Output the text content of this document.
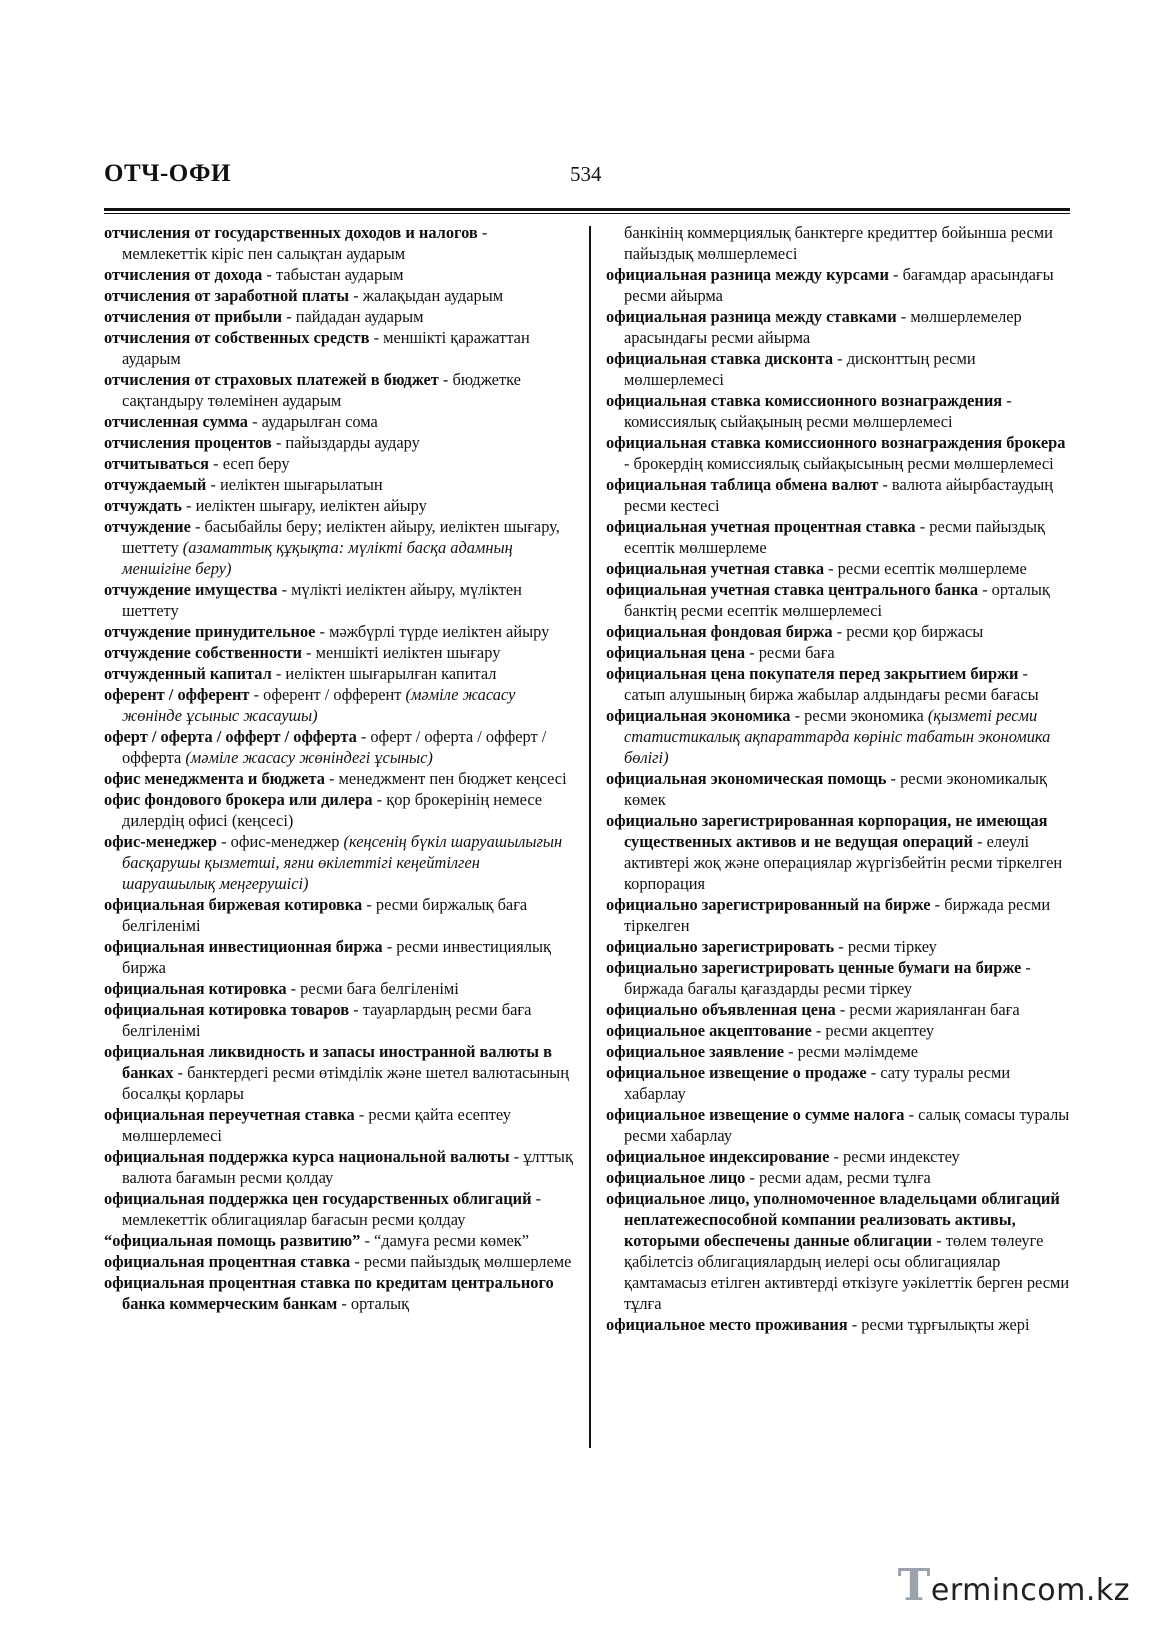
ОТЧ-ОФИ	534

отчисления от государственных доходов и налогов - мемлекеттік кіріс пен салықтан аударым

отчисления от дохода - табыстан аударым

отчисления от заработной платы - жалақыдан аударым

отчисления от прибыли - пайдадан аударым

отчисления от собственных средств - меншікті қаражаттан аударым

отчисления от страховых платежей в бюджет - бюджетке сақтандыру төлемінен аударым

отчисленная сумма - аударылған сома

отчисления процентов - пайыздарды аудару

отчитываться - есеп беру

отчуждаемый - иеліктен шығарылатын

отчуждать - иеліктен шығару, иеліктен айыру

отчуждение - басыбайлы беру; иеліктен айыру, иеліктен шығару, шеттету (азаматтық құқықта: мүлікті басқа адамның меншігіне беру)

отчуждение имущества - мүлікті иеліктен айыру, мүліктен шеттету

отчуждение принудительное - мәжбүрлі түрде иеліктен айыру

отчуждение собственности - меншікті иеліктен шығару

отчужденный капитал - иеліктен шығарылған капитал

оферент / офферент - оферент / офферент (мәміле жасасу жөнінде ұсыныс жасаушы)

оферт / оферта / офферт / офферта - оферт / оферта / офферт / офферта (мәміле жасасу жөніндегі ұсыныс)

офис менеджмента и бюджета - менеджмент пен бюджет кеңсесі

офис фондового брокера или дилера - қор брокерінің немесе дилердің офисі (кеңсесі)

офис-менеджер - офис-менеджер (кеңсенің бүкіл шаруашылығын басқарушы қызметші, яғни өкілеттігі кеңейтілген шаруашылық меңгерушісі)

официальная биржевая котировка - ресми биржалық баға белгіленімі

официальная инвестиционная биржа - ресми инвестициялық биржа

официальная котировка - ресми баға белгіленімі

официальная котировка товаров - тауарлардың ресми баға белгіленімі

официальная ликвидность и запасы иностранной валюты в банках - банктердегі ресми өтімділік және шетел валютасының босалқы қорлары

официальная переучетная ставка - ресми қайта есептеу мөлшерлемесі

официальная поддержка курса национальной валюты - ұлттық валюта бағамын ресми қолдау

официальная поддержка цен государственных облигаций - мемлекеттік облигациялар бағасын ресми қолдау

“официальная помощь развитию” - “дамуға ресми көмек”

официальная процентная ставка - ресми пайыздық мөлшерлеме

официальная процентная ставка по кредитам центрального банка коммерческим банкам - орталық

банкінің коммерциялық банктерге кредиттер бойынша ресми пайыздық мөлшерлемесі

официальная разница между курсами - бағамдар арасындағы ресми айырма

официальная разница между ставками - мөлшерлемелер арасындағы ресми айырма

официальная ставка дисконта - дисконттың ресми мөлшерлемесі

официальная ставка комиссионного вознаграждения - комиссиялық сыйақының ресми мөлшерлемесі

официальная ставка комиссионного вознаграждения брокера - брокердің комиссиялық сыйақысының ресми мөлшерлемесі

официальная таблица обмена валют - валюта айырбастаудың ресми кестесі

официальная учетная процентная ставка - ресми пайыздық есептік мөлшерлеме

официальная учетная ставка - ресми есептік мөлшерлеме

официальная учетная ставка центрального банка - орталық банктің ресми есептік мөлшерлемесі

официальная фондовая биржа - ресми қор биржасы

официальная цена - ресми баға

официальная цена покупателя перед закрытием биржи - сатып алушының биржа жабылар алдындағы ресми бағасы

официальная экономика - ресми экономика (қызметі ресми статистикалық ақпараттарда көрініс табатын экономика бөлігі)

официальная экономическая помощь - ресми экономикалық көмек

официально зарегистрированная корпорация, не имеющая существенных активов и не ведущая операций - елеулі активтері жоқ және операциялар жүргізбейтін ресми тіркелген корпорация

официально зарегистрированный на бирже - биржада ресми тіркелген

официально зарегистрировать - ресми тіркеу

официально зарегистрировать ценные бумаги на бирже - биржада бағалы қағаздарды ресми тіркеу

официально объявленная цена - ресми жарияланған баға

официальное акцептование - ресми акцептеу

официальное заявление - ресми мәлімдеме

официальное извещение о продаже - сату туралы ресми хабарлау

официальное извещение о сумме налога - салық сомасы туралы ресми хабарлау

официальное индексирование - ресми индекстеу

официальное лицо - ресми адам, ресми тұлға

официальное лицо, уполномоченное владельцами облигаций неплатежеспособной компании реализовать активы, которыми обеспечены данные облигации - төлем төлеуге қабілетсіз облигациялардың иелері осы облигациялар қамтамасыз етілген активтерді өткізуге уәкілеттік берген ресми тұлға

официальное место проживания - ресми тұрғылықты жері

Termincom.kz
